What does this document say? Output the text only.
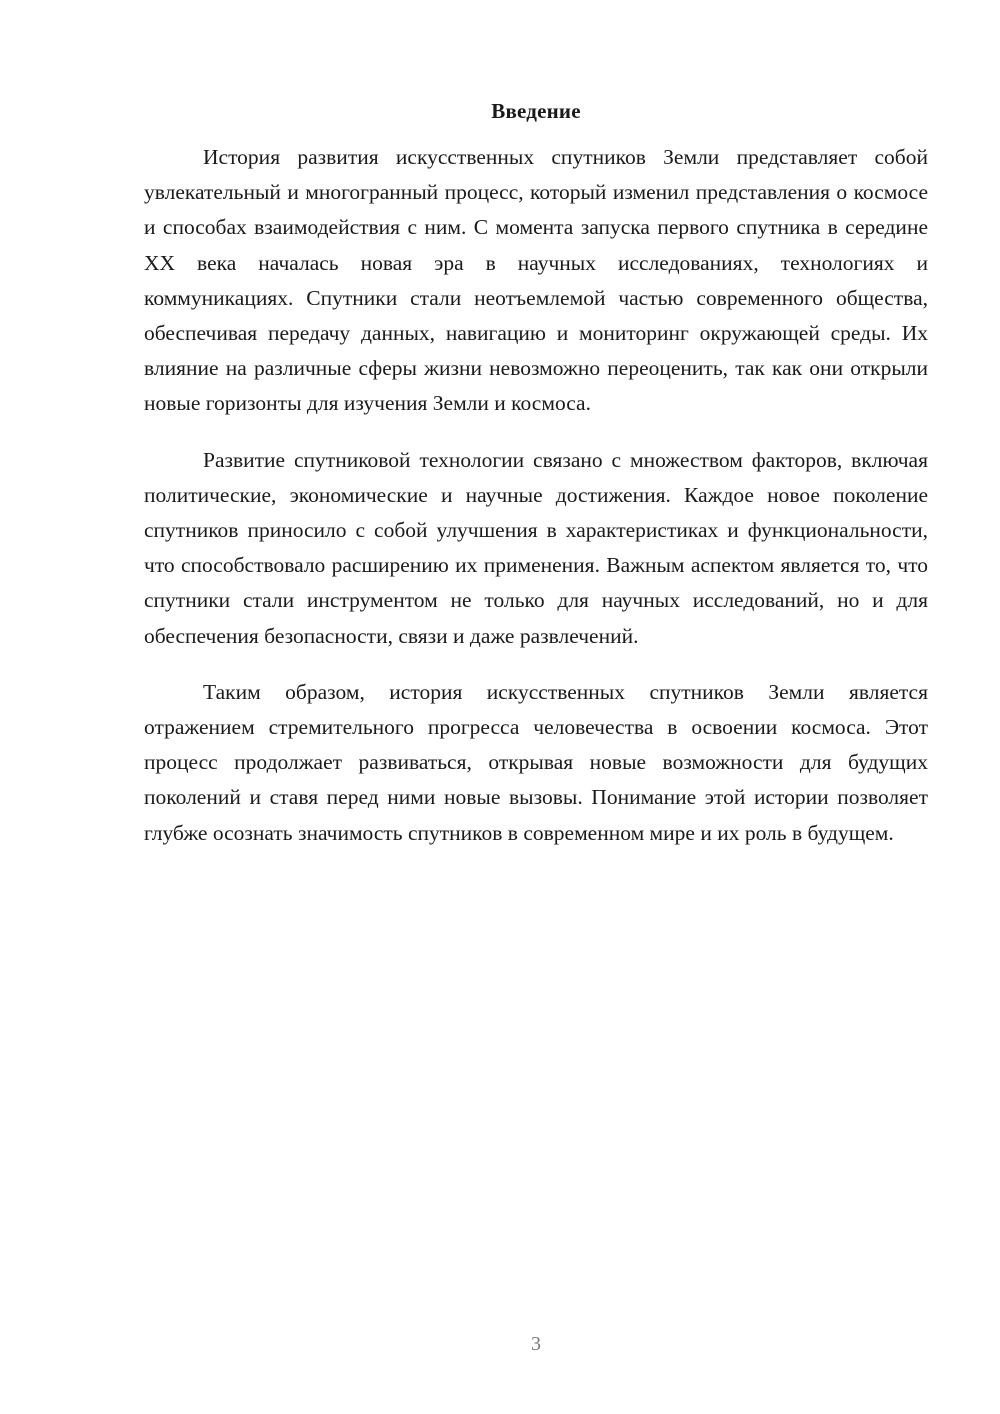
Введение

История развития искусственных спутников Земли представляет собой увлекательный и многогранный процесс, который изменил представления о космосе и способах взаимодействия с ним. С момента запуска первого спутника в середине XX века началась новая эра в научных исследованиях, технологиях и коммуникациях. Спутники стали неотъемлемой частью современного общества, обеспечивая передачу данных, навигацию и мониторинг окружающей среды. Их влияние на различные сферы жизни невозможно переоценить, так как они открыли новые горизонты для изучения Земли и космоса.

Развитие спутниковой технологии связано с множеством факторов, включая политические, экономические и научные достижения. Каждое новое поколение спутников приносило с собой улучшения в характеристиках и функциональности, что способствовало расширению их применения. Важным аспектом является то, что спутники стали инструментом не только для научных исследований, но и для обеспечения безопасности, связи и даже развлечений.

Таким образом, история искусственных спутников Земли является отражением стремительного прогресса человечества в освоении космоса. Этот процесс продолжает развиваться, открывая новые возможности для будущих поколений и ставя перед ними новые вызовы. Понимание этой истории позволяет глубже осознать значимость спутников в современном мире и их роль в будущем.

3
